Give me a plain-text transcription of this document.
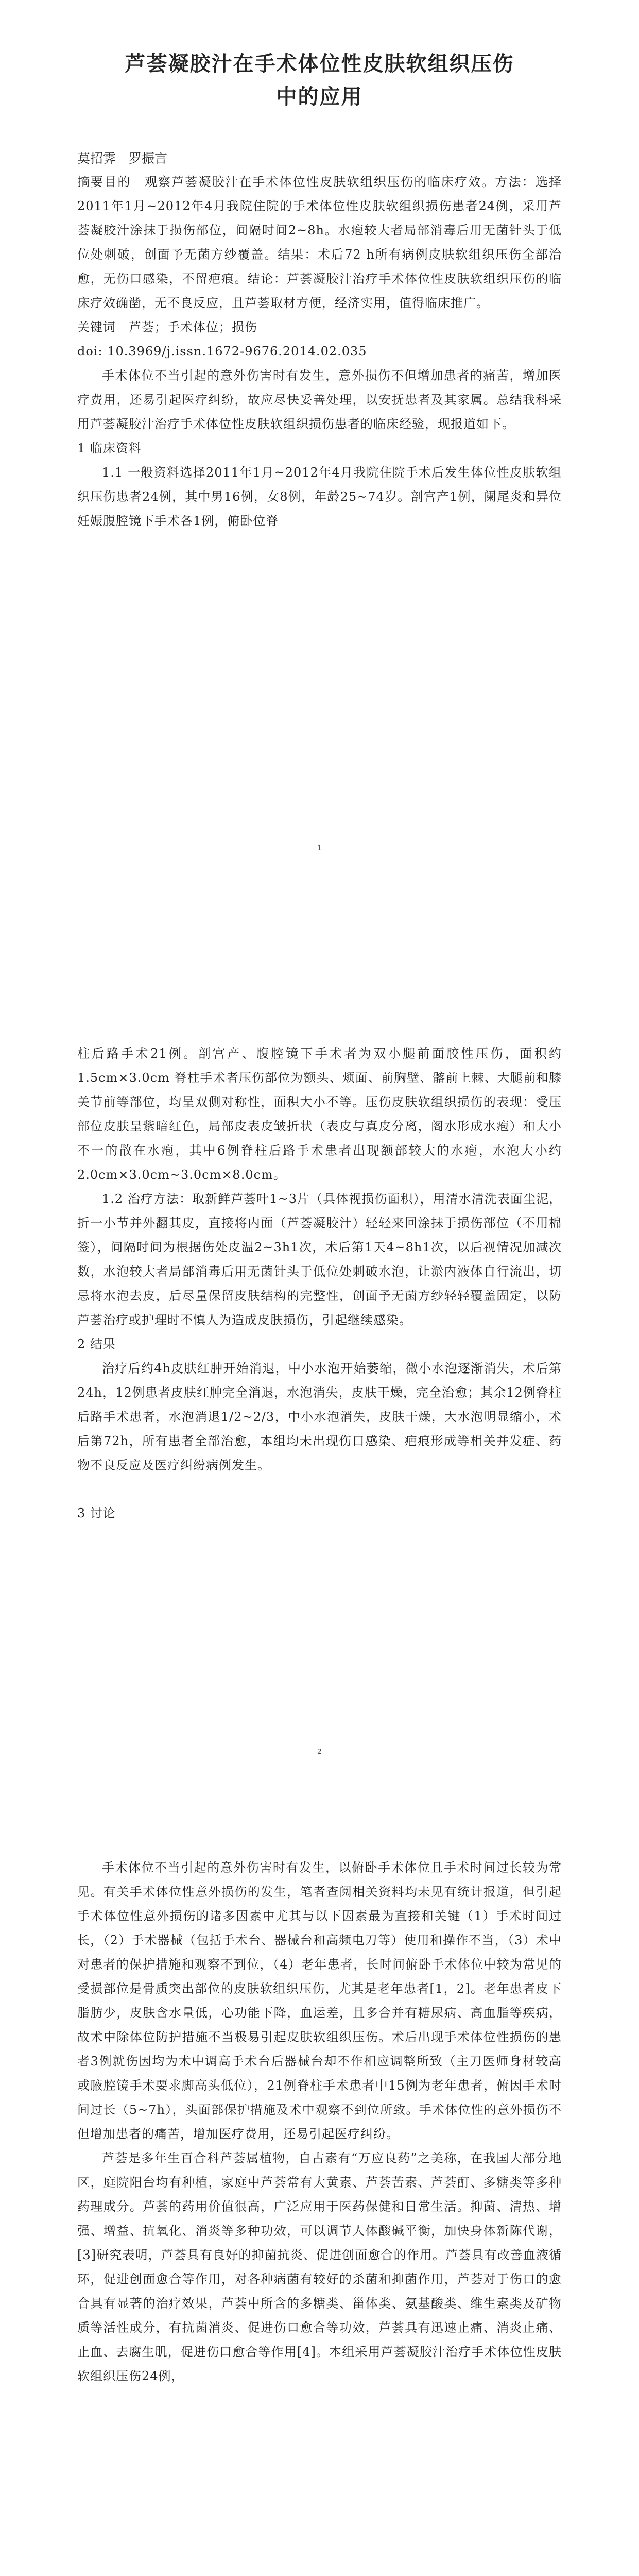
芦荟凝胶汁在手术体位性皮肤软组织压伤
中的应用
莫招霁　罗振言

摘要目的　观察芦荟凝胶汁在手术体位性皮肤软组织压伤的临床疗效。方法：选择2011年1月~2012年4月我院住院的手术体位性皮肤软组织损伤患者24例，采用芦荟凝胶汁涂抹于损伤部位，间隔时间2~8h。水疱较大者局部消毒后用无菌针头于低位处刺破，创面予无菌方纱覆盖。结果：术后72 h所有病例皮肤软组织压伤全部治愈，无伤口感染，不留疤痕。结论：芦荟凝胶汁治疗手术体位性皮肤软组织压伤的临床疗效确凿，无不良反应，且芦荟取材方便，经济实用，值得临床推广。

关键词　芦荟；手术体位；损伤

doi: 10.3969/j.issn.1672-9676.2014.02.035

手术体位不当引起的意外伤害时有发生，意外损伤不但增加患者的痛苦，增加医疗费用，还易引起医疗纠纷，故应尽快妥善处理，以安抚患者及其家属。总结我科采用芦荟凝胶汁治疗手术体位性皮肤软组织损伤患者的临床经验，现报道如下。

1 临床资料

1.1 一般资料选择2011年1月~2012年4月我院住院手术后发生体位性皮肤软组织压伤患者24例，其中男16例，女8例，年龄25~74岁。剖宫产1例，阑尾炎和异位妊娠腹腔镜下手术各1例，俯卧位脊

1

柱后路手术21例。剖宫产、腹腔镜下手术者为双小腿前面胶性压伤，面积约1.5cm×3.0cm 脊柱手术者压伤部位为额头、颊面、前胸壁、髂前上棘、大腿前和膝关节前等部位，均呈双侧对称性，面积大小不等。压伤皮肤软组织损伤的表现：受压部位皮肤呈紫暗红色，局部皮表皮皱折状（表皮与真皮分离，阁水形成水疱）和大小不一的散在水疱，其中6例脊柱后路手术患者出现额部较大的水疱，水泡大小约2.0cm×3.0cm~3.0cm×8.0cm。

1.2 治疗方法：取新鲜芦荟叶1~3片（具体视损伤面积），用清水清洗表面尘泥，折一小节并外翻其皮，直接将内面（芦荟凝胶汁）轻轻来回涂抹于损伤部位（不用棉签），间隔时间为根据伤处皮温2~3h1次，术后第1天4~8h1次，以后视情况加减次数，水泡较大者局部消毒后用无菌针头于低位处刺破水泡，让淤内液体自行流出，切忌将水泡去皮，后尽量保留皮肤结构的完整性，创面予无菌方纱轻轻覆盖固定，以防芦荟治疗或护理时不慎人为造成皮肤损伤，引起继续感染。

2 结果

治疗后约4h皮肤红肿开始消退，中小水泡开始萎缩，微小水泡逐渐消失，术后第24h，12例患者皮肤红肿完全消退，水泡消失，皮肤干燥，完全治愈；其余12例脊柱后路手术患者，水泡消退1/2~2/3，中小水泡消失，皮肤干燥，大水泡明显缩小，术后第72h，所有患者全部治愈，本组均未出现伤口感染、疤痕形成等相关并发症、药物不良反应及医疗纠纷病例发生。

3 讨论

2

手术体位不当引起的意外伤害时有发生，以俯卧手术体位且手术时间过长较为常见。有关手术体位性意外损伤的发生，笔者查阅相关资料均未见有统计报道，但引起手术体位性意外损伤的诸多因素中尤其与以下因素最为直接和关键（1）手术时间过长，（2）手术器械（包括手术台、器械台和高频电刀等）使用和操作不当，（3）术中对患者的保护措施和观察不到位，（4）老年患者，长时间俯卧手术体位中较为常见的受损部位是骨质突出部位的皮肤软组织压伤，尤其是老年患者[1，2]。老年患者皮下脂肪少，皮肤含水量低，心功能下降，血运差，且多合并有糖尿病、高血脂等疾病，故术中除体位防护措施不当极易引起皮肤软组织压伤。术后出现手术体位性损伤的患者3例就伤因均为术中调高手术台后器械台却不作相应调整所致（主刀医师身材较高或腋腔镜手术要求脚高头低位），21例脊柱手术患者中15例为老年患者，俯因手术时间过长（5~7h），头面部保护措施及术中观察不到位所致。手术体位性的意外损伤不但增加患者的痛苦，增加医疗费用，还易引起医疗纠纷。

芦荟是多年生百合科芦荟属植物，自古素有“万应良药”之美称，在我国大部分地区，庭院阳台均有种植，家庭中芦荟常有大黄素、芦荟苦素、芦荟酊、多糖类等多种药理成分。芦荟的药用价值很高，广泛应用于医药保健和日常生活。抑菌、清热、增强、增益、抗氧化、消炎等多种功效，可以调节人体酸碱平衡，加快身体新陈代谢，[3]研究表明，芦荟具有良好的抑菌抗炎、促进创面愈合的作用。芦荟具有改善血液循环，促进创面愈合等作用，对各种病菌有较好的杀菌和抑菌作用，芦荟对于伤口的愈合具有显著的治疗效果，芦荟中所含的多糖类、甾体类、氨基酸类、维生素类及矿物质等活性成分，有抗菌消炎、促进伤口愈合等功效，芦荟具有迅速止痛、消炎止痛、止血、去腐生肌，促进伤口愈合等作用[4]。本组采用芦荟凝胶汁治疗手术体位性皮肤软组织压伤24例，
